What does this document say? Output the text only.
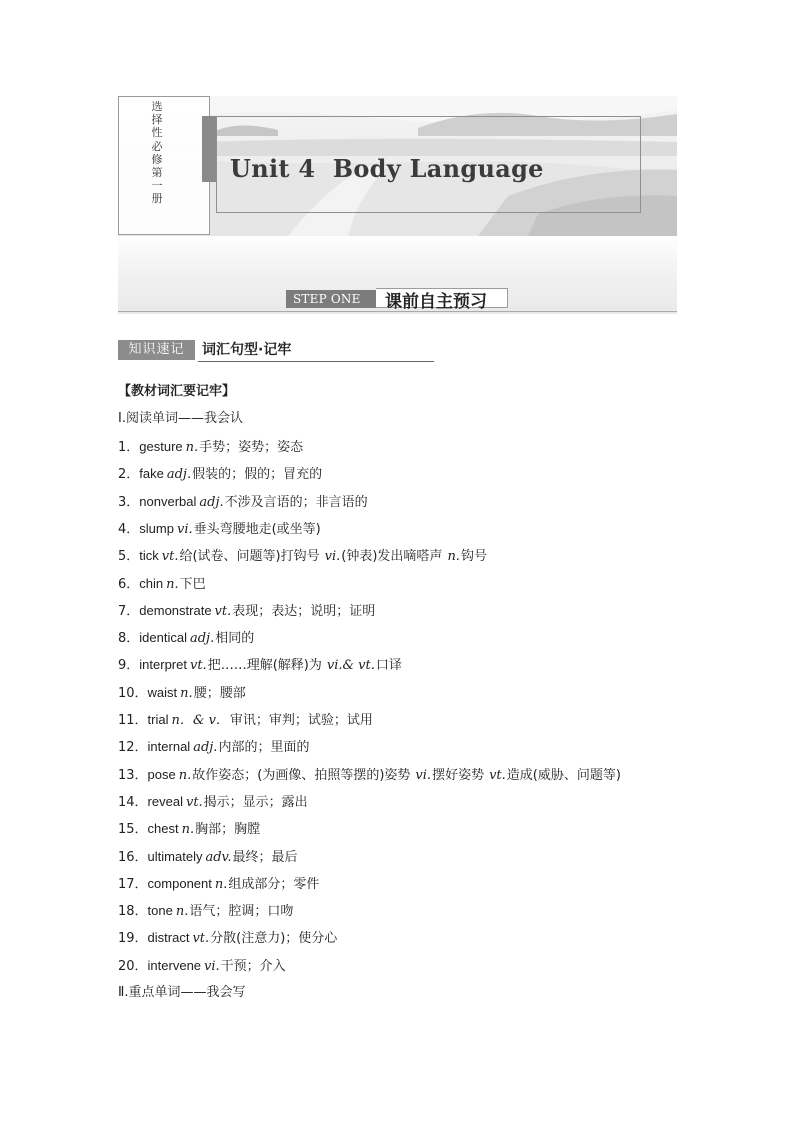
选择性必修第一册
Unit 4  Body Language
STEP ONE	课前自主预习
知识速记	词汇句型·记牢
【教材词汇要记牢】
Ⅰ.阅读单词——我会认
1．gesture n.手势；姿势；姿态
2．fake adj.假装的；假的；冒充的
3．nonverbal adj.不涉及言语的；非言语的
4．slump vi.垂头弯腰地走(或坐等)
5．tick vt.给(试卷、问题等)打钩号 vi.(钟表)发出嘀嗒声 n.钩号
6．chin n.下巴
7．demonstrate vt.表现；表达；说明；证明
8．identical adj.相同的
9．interpret vt.把……理解(解释)为 vi.& vt.口译
10．waist n.腰；腰部
11．trial n．& v．审讯；审判；试验；试用
12．internal adj.内部的；里面的
13．pose n.故作姿态；(为画像、拍照等摆的)姿势 vi.摆好姿势 vt.造成(威胁、问题等)
14．reveal vt.揭示；显示；露出
15．chest n.胸部；胸膛
16．ultimately adv.最终；最后
17．component n.组成部分；零件
18．tone n.语气；腔调；口吻
19．distract vt.分散(注意力)；使分心
20．intervene vi.干预；介入
Ⅱ.重点单词——我会写
